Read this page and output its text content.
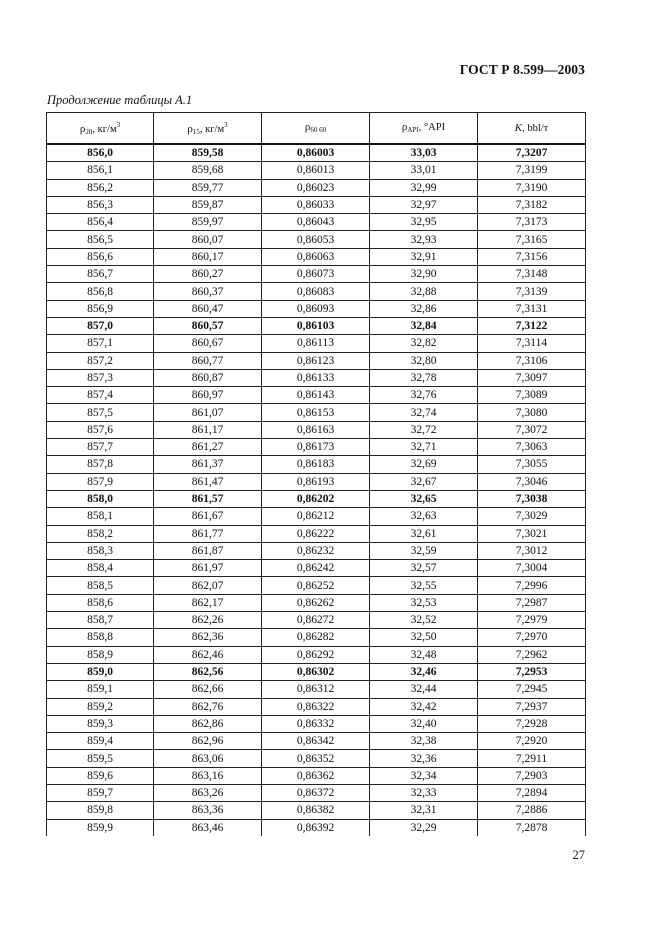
ГОСТ Р 8.599—2003
Продолжение таблицы А.1
$\rho_{20}$, $кг/м^3$	$\rho_{15}$, $кг/м^3$	$\rho_{60 60}$	$\rho_{API}$, °API	K, bbl/т
856,0	859,58	0,86003	33,03	7,3207
856,1	859,68	0,86013	33,01	7,3199
856,2	859,77	0,86023	32,99	7,3190
856,3	859,87	0,86033	32,97	7,3182
856,4	859,97	0,86043	32,95	7,3173
856,5	860,07	0,86053	32,93	7,3165
856,6	860,17	0,86063	32,91	7,3156
856,7	860,27	0,86073	32,90	7,3148
856,8	860,37	0,86083	32,88	7,3139
856,9	860,47	0,86093	32,86	7,3131
857,0	860,57	0,86103	32,84	7,3122
857,1	860,67	0,86113	32,82	7,3114
857,2	860,77	0,86123	32,80	7,3106
857,3	860,87	0,86133	32,78	7,3097
857,4	860,97	0,86143	32,76	7,3089
857,5	861,07	0,86153	32,74	7,3080
857,6	861,17	0,86163	32,72	7,3072
857,7	861,27	0,86173	32,71	7,3063
857,8	861,37	0,86183	32,69	7,3055
857,9	861,47	0,86193	32,67	7,3046
858,0	861,57	0,86202	32,65	7,3038
858,1	861,67	0,86212	32,63	7,3029
858,2	861,77	0,86222	32,61	7,3021
858,3	861,87	0,86232	32,59	7,3012
858,4	861,97	0,86242	32,57	7,3004
858,5	862,07	0,86252	32,55	7,2996
858,6	862,17	0,86262	32,53	7,2987
858,7	862,26	0,86272	32,52	7,2979
858,8	862,36	0,86282	32,50	7,2970
858,9	862,46	0,86292	32,48	7,2962
859,0	862,56	0,86302	32,46	7,2953
859,1	862,66	0,86312	32,44	7,2945
859,2	862,76	0,86322	32,42	7,2937
859,3	862,86	0,86332	32,40	7,2928
859,4	862,96	0,86342	32,38	7,2920
859,5	863,06	0,86352	32,36	7,2911
859,6	863,16	0,86362	32,34	7,2903
859,7	863,26	0,86372	32,33	7,2894
859,8	863,36	0,86382	32,31	7,2886
859,9	863,46	0,86392	32,29	7,2878
27
